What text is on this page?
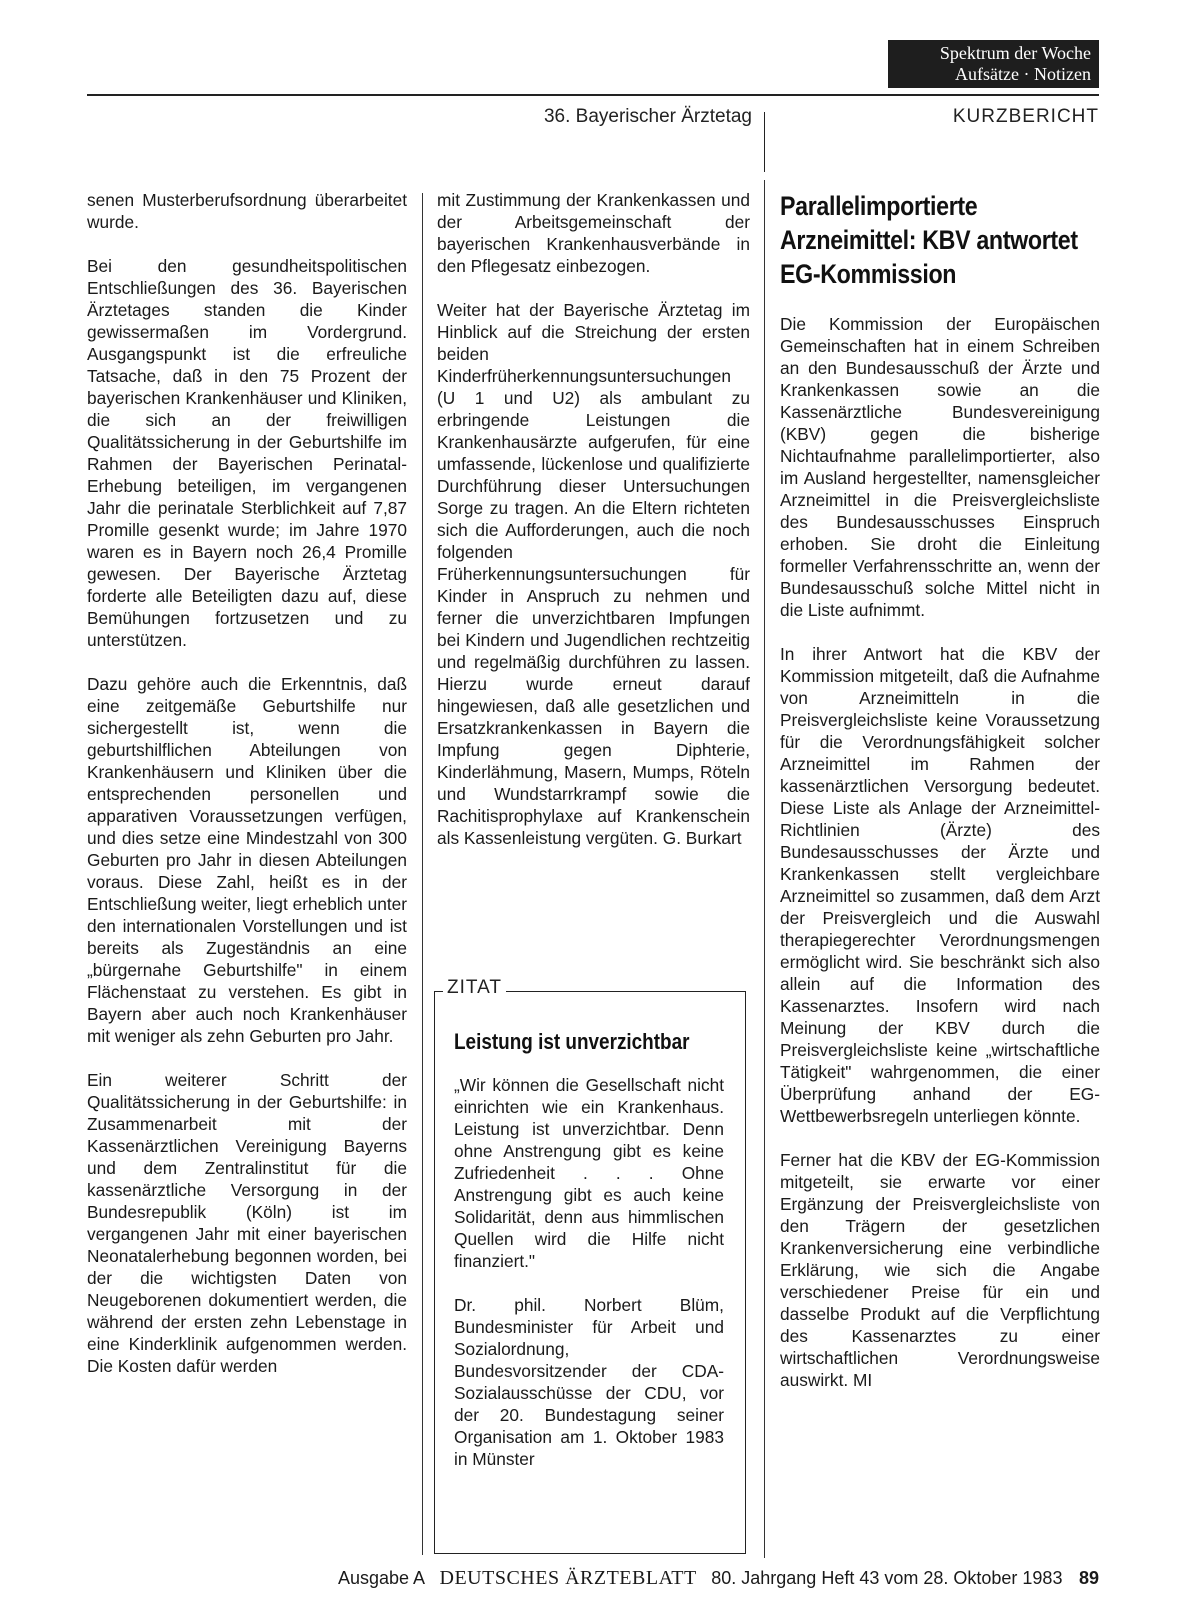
Spektrum der Woche
Aufsätze · Notizen
36. Bayerischer Ärztetag	KURZBERICHT

senen Musterberufsordnung überarbeitet wurde.

Bei den gesundheitspolitischen Entschließungen des 36. Bayerischen Ärztetages standen die Kinder gewissermaßen im Vordergrund. Ausgangspunkt ist die erfreuliche Tatsache, daß in den 75 Prozent der bayerischen Krankenhäuser und Kliniken, die sich an der freiwilligen Qualitätssicherung in der Geburtshilfe im Rahmen der Bayerischen Perinatal-Erhebung beteiligen, im vergangenen Jahr die perinatale Sterblichkeit auf 7,87 Promille gesenkt wurde; im Jahre 1970 waren es in Bayern noch 26,4 Promille gewesen. Der Bayerische Ärztetag forderte alle Beteiligten dazu auf, diese Bemühungen fortzusetzen und zu unterstützen.

Dazu gehöre auch die Erkenntnis, daß eine zeitgemäße Geburtshilfe nur sichergestellt ist, wenn die geburtshilflichen Abteilungen von Krankenhäusern und Kliniken über die entsprechenden personellen und apparativen Voraussetzungen verfügen, und dies setze eine Mindestzahl von 300 Geburten pro Jahr in diesen Abteilungen voraus. Diese Zahl, heißt es in der Entschließung weiter, liegt erheblich unter den internationalen Vorstellungen und ist bereits als Zugeständnis an eine „bürgernahe Geburtshilfe" in einem Flächenstaat zu verstehen. Es gibt in Bayern aber auch noch Krankenhäuser mit weniger als zehn Geburten pro Jahr.

Ein weiterer Schritt der Qualitätssicherung in der Geburtshilfe: in Zusammenarbeit mit der Kassenärztlichen Vereinigung Bayerns und dem Zentralinstitut für die kassenärztliche Versorgung in der Bundesrepublik (Köln) ist im vergangenen Jahr mit einer bayerischen Neonatalerhebung begonnen worden, bei der die wichtigsten Daten von Neugeborenen dokumentiert werden, die während der ersten zehn Lebenstage in eine Kinderklinik aufgenommen werden. Die Kosten dafür werden

mit Zustimmung der Krankenkassen und der Arbeitsgemeinschaft der bayerischen Krankenhausverbände in den Pflegesatz einbezogen.

Weiter hat der Bayerische Ärztetag im Hinblick auf die Streichung der ersten beiden Kinderfrüherkennungsuntersuchungen (U 1 und U2) als ambulant zu erbringende Leistungen die Krankenhausärzte aufgerufen, für eine umfassende, lückenlose und qualifizierte Durchführung dieser Untersuchungen Sorge zu tragen. An die Eltern richteten sich die Aufforderungen, auch die noch folgenden Früherkennungsuntersuchungen für Kinder in Anspruch zu nehmen und ferner die unverzichtbaren Impfungen bei Kindern und Jugendlichen rechtzeitig und regelmäßig durchführen zu lassen. Hierzu wurde erneut darauf hingewiesen, daß alle gesetzlichen und Ersatzkrankenkassen in Bayern die Impfung gegen Diphterie, Kinderlähmung, Masern, Mumps, Röteln und Wundstarrkrampf sowie die Rachitisprophylaxe auf Krankenschein als Kassenleistung vergüten. G. Burkart

ZITAT
Leistung ist unverzichtbar

„Wir können die Gesellschaft nicht einrichten wie ein Krankenhaus. Leistung ist unverzichtbar. Denn ohne Anstrengung gibt es keine Zufriedenheit . . . Ohne Anstrengung gibt es auch keine Solidarität, denn aus himmlischen Quellen wird die Hilfe nicht finanziert."

Dr. phil. Norbert Blüm, Bundesminister für Arbeit und Sozialordnung, Bundesvorsitzender der CDA-Sozialausschüsse der CDU, vor der 20. Bundestagung seiner Organisation am 1. Oktober 1983 in Münster

Parallelimportierte Arzneimittel: KBV antwortet EG-Kommission

Die Kommission der Europäischen Gemeinschaften hat in einem Schreiben an den Bundesausschuß der Ärzte und Krankenkassen sowie an die Kassenärztliche Bundesvereinigung (KBV) gegen die bisherige Nichtaufnahme parallelimportierter, also im Ausland hergestellter, namensgleicher Arzneimittel in die Preisvergleichsliste des Bundesausschusses Einspruch erhoben. Sie droht die Einleitung formeller Verfahrensschritte an, wenn der Bundesausschuß solche Mittel nicht in die Liste aufnimmt.

In ihrer Antwort hat die KBV der Kommission mitgeteilt, daß die Aufnahme von Arzneimitteln in die Preisvergleichsliste keine Voraussetzung für die Verordnungsfähigkeit solcher Arzneimittel im Rahmen der kassenärztlichen Versorgung bedeutet. Diese Liste als Anlage der Arzneimittel-Richtlinien (Ärzte) des Bundesausschusses der Ärzte und Krankenkassen stellt vergleichbare Arzneimittel so zusammen, daß dem Arzt der Preisvergleich und die Auswahl therapiegerechter Verordnungsmengen ermöglicht wird. Sie beschränkt sich also allein auf die Information des Kassenarztes. Insofern wird nach Meinung der KBV durch die Preisvergleichsliste keine „wirtschaftliche Tätigkeit" wahrgenommen, die einer Überprüfung anhand der EG-Wettbewerbsregeln unterliegen könnte.

Ferner hat die KBV der EG-Kommission mitgeteilt, sie erwarte vor einer Ergänzung der Preisvergleichsliste von den Trägern der gesetzlichen Krankenversicherung eine verbindliche Erklärung, wie sich die Angabe verschiedener Preise für ein und dasselbe Produkt auf die Verpflichtung des Kassenarztes zu einer wirtschaftlichen Verordnungsweise auswirkt. MI

Ausgabe A DEUTSCHES ÄRZTEBLATT 80. Jahrgang Heft 43 vom 28. Oktober 1983 89
